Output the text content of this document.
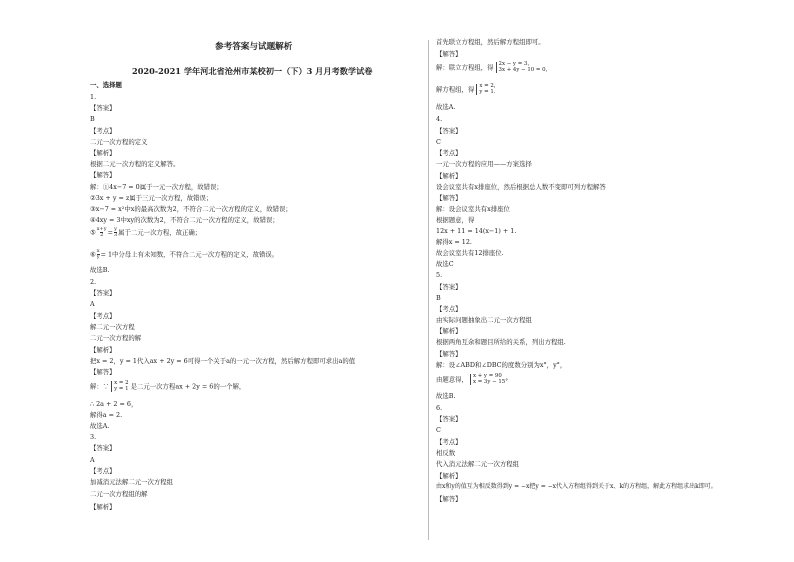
参考答案与试题解析
2020-2021 学年河北省沧州市某校初一（下）3 月月考数学试卷
一、选择题
1.
【答案】
B
【考点】
二元一次方程的定义
【解析】
根据二元一次方程的定义解答。
【解答】
解：①4x−7 = 0属于一元一次方程，故错误；
②3x + y = z属于三元一次方程，故错误；
③x−7 = x²中x的最高次数为2，不符合二元一次方程的定义，故错误；
④4xy = 3中xy的次数为2，不符合二元一次方程的定义，故错误；
$⑤\frac{x+y}{2}=\frac{y}{3}$属于二元一次方程，故正确；
$⑥\frac{x}{y}= 1$中分母上有未知数，不符合二元一次方程的定义，故错误。
故选B.
2.
【答案】
A
【考点】
解二元一次方程
二元一次方程的解
【解析】
把x = 2，y = 1代入ax + 2y = 6可得一个关于a的一元一次方程，然后解方程即可求出a的值
【解答】
解：∵ x = 2
y = 1 是二元一次方程ax + 2y = 6的一个解，
∴ 2a + 2 = 6，
解得a = 2.
故选A.
3.
【答案】
A
【考点】
加减消元法解二元一次方程组
二元一次方程组的解
【解析】
首先联立方程组，然后解方程组即可。
【解答】
解：联立方程组，得 2x − y = 3，
3x + 4y − 10 = 0，
解方程组，得 x = 2，
y = 1.
故选A.
4.
【答案】
C
【考点】
一元一次方程的应用——方案选择
【解析】
设会议室共有x排座位，然后根据总人数不变即可列方程解答
【解答】
解：设会议室共有x排座位
根据题意，得
12x + 11 = 14(x−1) + 1.
解得x = 12.
故会议室共有12排座位.
故选C
5.
【答案】
B
【考点】
由实际问题抽象出二元一次方程组
【解析】
根据两角互余和题目所给的关系，列出方程组.
【解答】
解：设∠ABD和∠DBC的度数分别为x°，y°，
由题意得， x + y = 90
x = 3y − 15°
故选B.
6.
【答案】
C
【考点】
相反数
代入消元法解二元一次方程组
【解析】
由x和y的值互为相反数得到y = −x把y = −x代入方程组得到关于x、k的方程组，解此方程组求出k即可。
【解答】
